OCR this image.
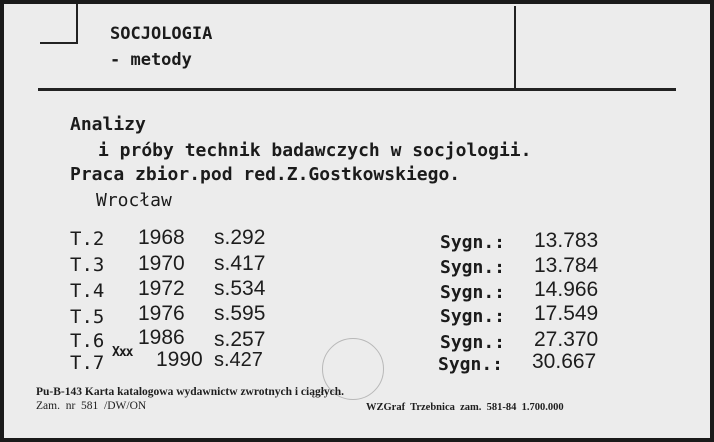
SOCJOLOGIA
- metody
Analizy
i próby technik badawczych w socjologii.
Praca zbior.pod red.Z.Gostkowskiego.
Wrocław
T.2 1968 s.292	Sygn.: 13.783
T.3 1970 s.417	Sygn.: 13.784
T.4 1972 s.534	Sygn.: 14.966
T.5 1976 s.595	Sygn.: 17.549
T.6 1986 s.257	Sygn.: 27.370
T.7 Xxx 1990 s.427	Sygn.: 30.667
Pu-B-143 Karta katalogowa wydawnictw zwrotnych i ciągłych.
Zam.  nr  581  /DW/ON	WZGraf  Trzebnica  zam.  581-84  1.700.000
